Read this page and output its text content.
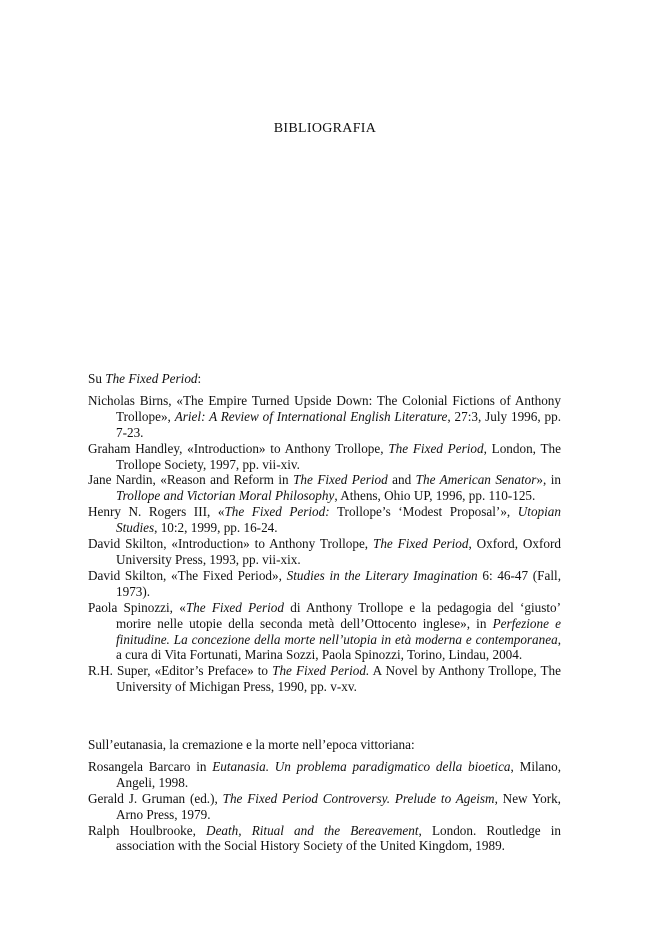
BIBLIOGRAFIA

Su The Fixed Period:

Nicholas Birns, «The Empire Turned Upside Down: The Colonial Fictions of Anthony Trollope», Ariel: A Review of International English Literature, 27:3, July 1996, pp. 7-23.

Graham Handley, «Introduction» to Anthony Trollope, The Fixed Period, London, The Trollope Society, 1997, pp. vii-xiv.

Jane Nardin, «Reason and Reform in The Fixed Period and The American Senator», in Trollope and Victorian Moral Philosophy, Athens, Ohio UP, 1996, pp. 110-125.

Henry N. Rogers III, «The Fixed Period: Trollope’s ‘Modest Proposal’», Utopian Studies, 10:2, 1999, pp. 16-24.

David Skilton, «Introduction» to Anthony Trollope, The Fixed Period, Oxford, Oxford University Press, 1993, pp. vii-xix.

David Skilton, «The Fixed Period», Studies in the Literary Imagination 6: 46-47 (Fall, 1973).

Paola Spinozzi, «The Fixed Period di Anthony Trollope e la pedagogia del ‘giusto’ morire nelle utopie della seconda metà dell’Ottocento inglese», in Perfezione e finitudine. La concezione della morte nell’utopia in età moderna e contemporanea, a cura di Vita Fortunati, Marina Sozzi, Paola Spinozzi, Torino, Lindau, 2004.

R.H. Super, «Editor’s Preface» to The Fixed Period. A Novel by Anthony Trollope, The University of Michigan Press, 1990, pp. v-xv.

Sull’eutanasia, la cremazione e la morte nell’epoca vittoriana:

Rosangela Barcaro in Eutanasia. Un problema paradigmatico della bioetica, Milano, Angeli, 1998.

Gerald J. Gruman (ed.), The Fixed Period Controversy. Prelude to Ageism, New York, Arno Press, 1979.

Ralph Houlbrooke, Death, Ritual and the Bereavement, London. Routledge in association with the Social History Society of the United Kingdom, 1989.
